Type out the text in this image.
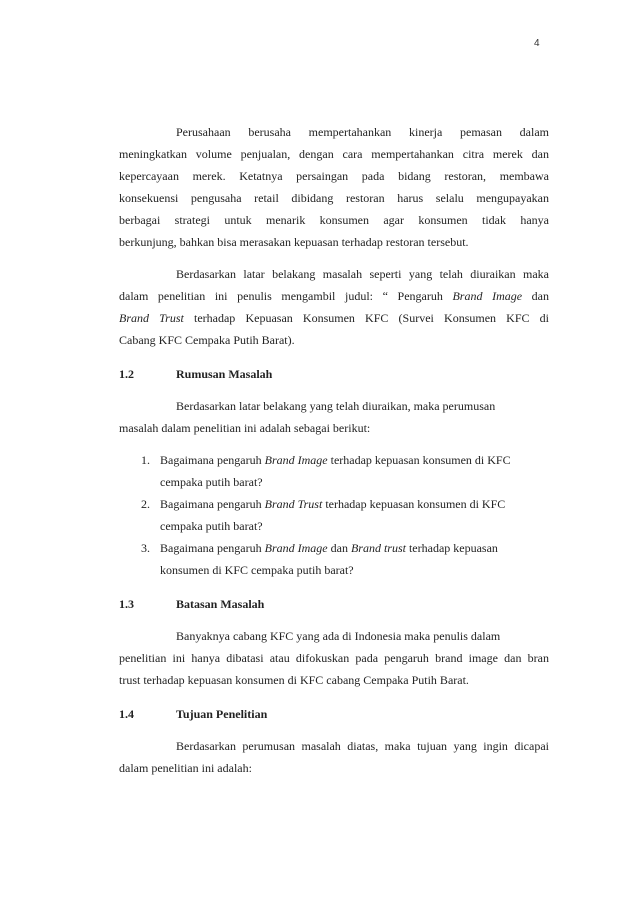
4
Perusahaan berusaha mempertahankan kinerja pemasan dalam
meningkatkan volume penjualan, dengan cara mempertahankan citra merek dan
kepercayaan merek. Ketatnya persaingan pada bidang restoran, membawa
konsekuensi pengusaha retail dibidang restoran harus selalu mengupayakan
berbagai strategi untuk menarik konsumen agar konsumen tidak hanya
berkunjung, bahkan bisa merasakan kepuasan terhadap restoran tersebut.
Berdasarkan latar belakang masalah seperti yang telah diuraikan maka
dalam penelitian ini penulis mengambil judul: “ Pengaruh Brand Image dan
Brand Trust terhadap Kepuasan Konsumen KFC (Survei Konsumen KFC di
Cabang KFC Cempaka Putih Barat).
1.2	Rumusan Masalah
Berdasarkan latar belakang yang telah diuraikan, maka perumusan
masalah dalam penelitian ini adalah sebagai berikut:
1. Bagaimana pengaruh Brand Image terhadap kepuasan konsumen di KFC
cempaka putih barat?
2. Bagaimana pengaruh Brand Trust terhadap kepuasan konsumen di KFC
cempaka putih barat?
3. Bagaimana pengaruh Brand Image dan Brand trust terhadap kepuasan
konsumen di KFC cempaka putih barat?
1.3	Batasan Masalah
Banyaknya cabang KFC yang ada di Indonesia maka penulis dalam
penelitian ini hanya dibatasi atau difokuskan pada pengaruh brand image dan bran
trust terhadap kepuasan konsumen di KFC cabang Cempaka Putih Barat.
1.4	Tujuan Penelitian
Berdasarkan perumusan masalah diatas, maka tujuan yang ingin dicapai
dalam penelitian ini adalah:
